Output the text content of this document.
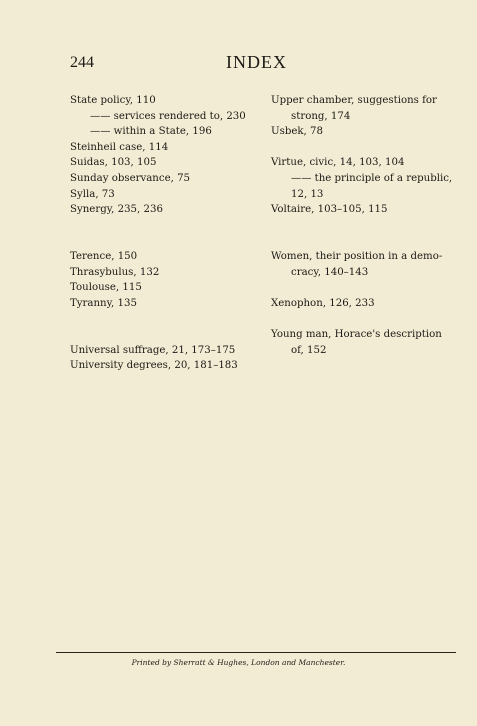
244	INDEX
State policy, 110
—— services rendered to, 230
—— within a State, 196
Steinheil case, 114
Suidas, 103, 105
Sunday observance, 75
Sylla, 73
Synergy, 235, 236
Terence, 150
Thrasybulus, 132
Toulouse, 115
Tyranny, 135
Universal suffrage, 21, 173–175
University degrees, 20, 181–183
Upper chamber, suggestions for
strong, 174
Usbek, 78
Virtue, civic, 14, 103, 104
—— the principle of a republic,
12, 13
Voltaire, 103–105, 115
Women, their position in a demo-
cracy, 140–143
Xenophon, 126, 233
Young man, Horace's description
of, 152
Printed by Sherratt & Hughes, London and Manchester.
